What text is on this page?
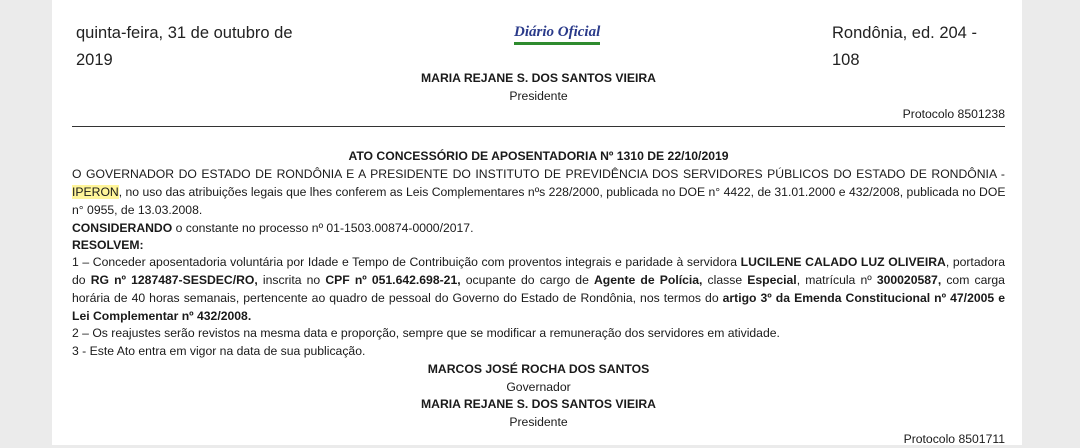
quinta-feira, 31 de outubro de
2019
Diário Oficial	Rondônia, ed. 204 -
108
MARIA REJANE S. DOS SANTOS VIEIRA
Presidente
Protocolo 8501238
ATO CONCESSÓRIO DE APOSENTADORIA Nº 1310 DE 22/10/2019
O GOVERNADOR DO ESTADO DE RONDÔNIA E A PRESIDENTE DO INSTITUTO DE PREVIDÊNCIA DOS SERVIDORES PÚBLICOS DO ESTADO DE RONDÔNIA -
IPERON, no uso das atribuições legais que lhes conferem as Leis Complementares nºs 228/2000, publicada no DOE n° 4422, de 31.01.2000 e 432/2008, publicada no DOE
n° 0955, de 13.03.2008.
CONSIDERANDO o constante no processo nº 01-1503.00874-0000/2017.
RESOLVEM:
1 – Conceder aposentadoria voluntária por Idade e Tempo de Contribuição com proventos integrais e paridade à servidora LUCILENE CALADO LUZ OLIVEIRA, portadora
do RG nº 1287487-SESDEC/RO, inscrita no CPF nº 051.642.698-21, ocupante do cargo de Agente de Polícia, classe Especial, matrícula nº 300020587, com carga
horária de 40 horas semanais, pertencente ao quadro de pessoal do Governo do Estado de Rondônia, nos termos do artigo 3º da Emenda Constitucional nº 47/2005 e
Lei Complementar nº 432/2008.
2 – Os reajustes serão revistos na mesma data e proporção, sempre que se modificar a remuneração dos servidores em atividade.
3 - Este Ato entra em vigor na data de sua publicação.
MARCOS JOSÉ ROCHA DOS SANTOS
Governador
MARIA REJANE S. DOS SANTOS VIEIRA
Presidente
Protocolo 8501711
